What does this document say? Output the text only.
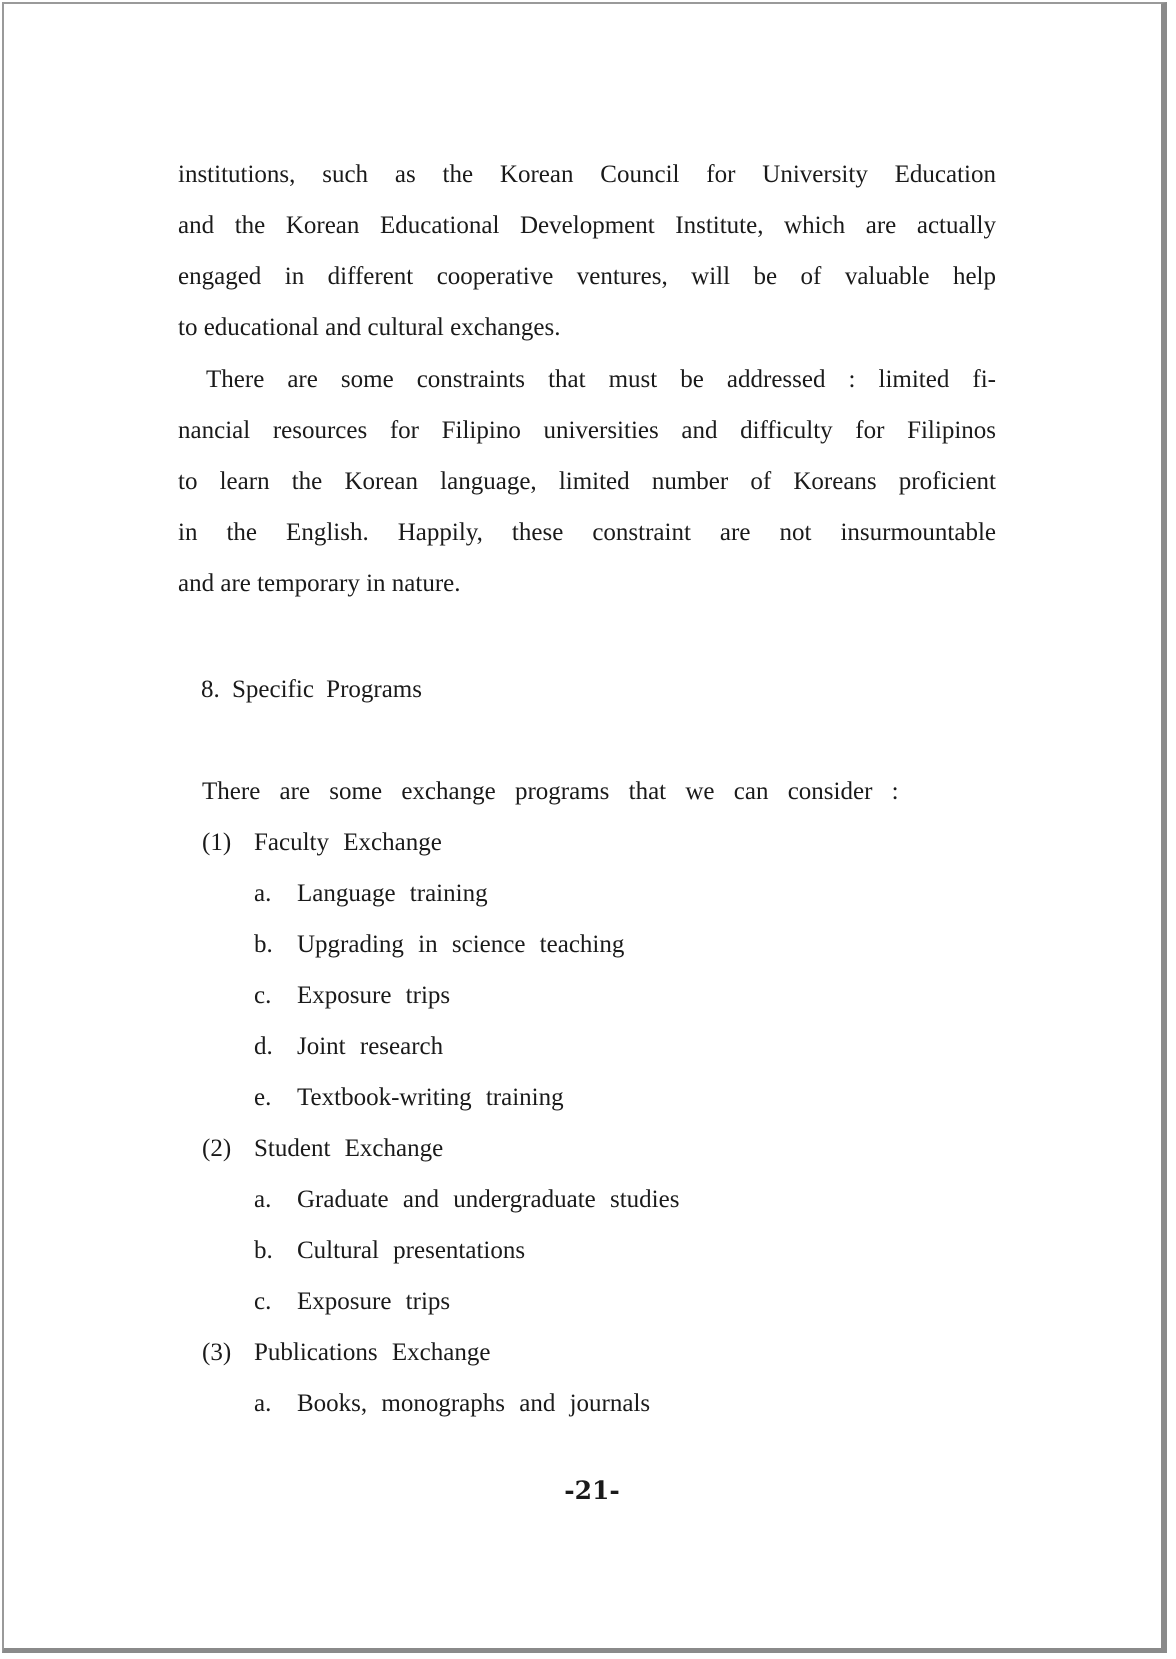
institutions, such as the Korean Council for University Education
and the Korean Educational Development Institute, which are actually
engaged in different cooperative ventures, will be of valuable help
to educational and cultural exchanges.
There are some constraints that must be addressed : limited fi-
nancial resources for Filipino universities and difficulty for Filipinos
to learn the Korean language, limited number of Koreans proficient
in the English. Happily, these constraint are not insurmountable
and are temporary in nature.
8. Specific Programs
There are some exchange programs that we can consider :
(1) Faculty Exchange
a. Language training
b. Upgrading in science teaching
c. Exposure trips
d. Joint research
e. Textbook-writing training
(2) Student Exchange
a. Graduate and undergraduate studies
b. Cultural presentations
c. Exposure trips
(3) Publications Exchange
a. Books, monographs and journals
-21-
